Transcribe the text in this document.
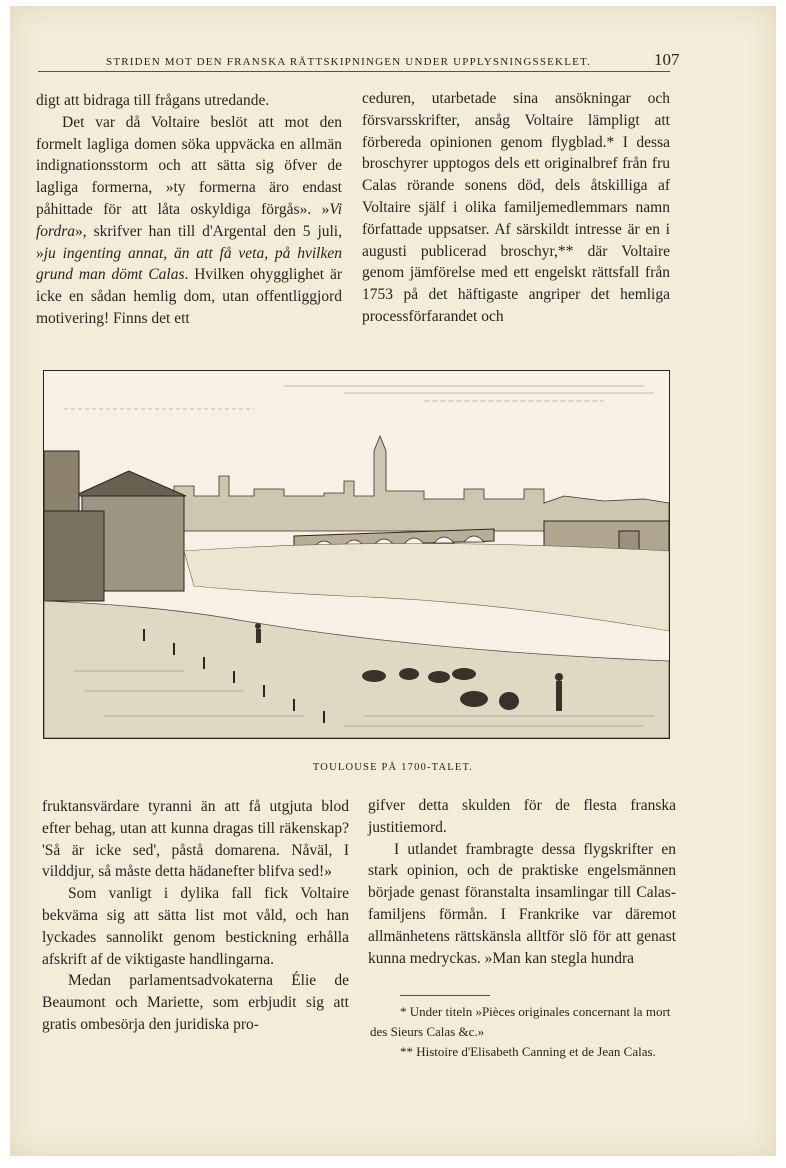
STRIDEN MOT DEN FRANSKA RÄTTSKIPNINGEN UNDER UPPLYSNINGSSEKLET.	107

digt att bidraga till frågans utredande.

Det var då Voltaire beslöt att mot den formelt lagliga domen söka uppväcka en allmän indignationsstorm och att sätta sig öfver de lagliga formerna, »ty formerna äro endast påhittade för att låta oskyldiga förgås». »Vi fordra», skrifver han till d'Argental den 5 juli, »ju ingenting annat, än att få veta, på hvilken grund man dömt Calas. Hvilken ohygglighet är icke en sådan hemlig dom, utan offentliggjord motivering! Finns det ett

ceduren, utarbetade sina ansökningar och försvarsskrifter, ansåg Voltaire lämpligt att förbereda opinionen genom flygblad.* I dessa broschyrer upptogos dels ett originalbref från fru Calas rörande sonens död, dels åtskilliga af Voltaire själf i olika familjemedlemmars namn författade uppsatser. Af särskildt intresse är en i augusti publicerad broschyr,** där Voltaire genom jämförelse med ett engelskt rättsfall från 1753 på det häftigaste angriper det hemliga processförfarandet och

TOULOUSE PÅ 1700-TALET.

fruktansvärdare tyranni än att få utgjuta blod efter behag, utan att kunna dragas till räkenskap? 'Så är icke sed', påstå domarena. Nåväl, I vilddjur, så måste detta hädanefter blifva sed!»

Som vanligt i dylika fall fick Voltaire bekväma sig att sätta list mot våld, och han lyckades sannolikt genom bestickning erhålla afskrift af de viktigaste handlingarna.

Medan parlamentsadvokaterna Élie de Beaumont och Mariette, som erbjudit sig att gratis ombesörja den juridiska pro-

gifver detta skulden för de flesta franska justitiemord.

I utlandet frambragte dessa flygskrifter en stark opinion, och de praktiske engelsmännen började genast föranstalta insamlingar till Calas-familjens förmån. I Frankrike var däremot allmänhetens rättskänsla alltför slö för att genast kunna medryckas. »Man kan stegla hundra

* Under titeln »Pièces originales concernant la mort des Sieurs Calas &c.»
** Histoire d'Elisabeth Canning et de Jean Calas.
